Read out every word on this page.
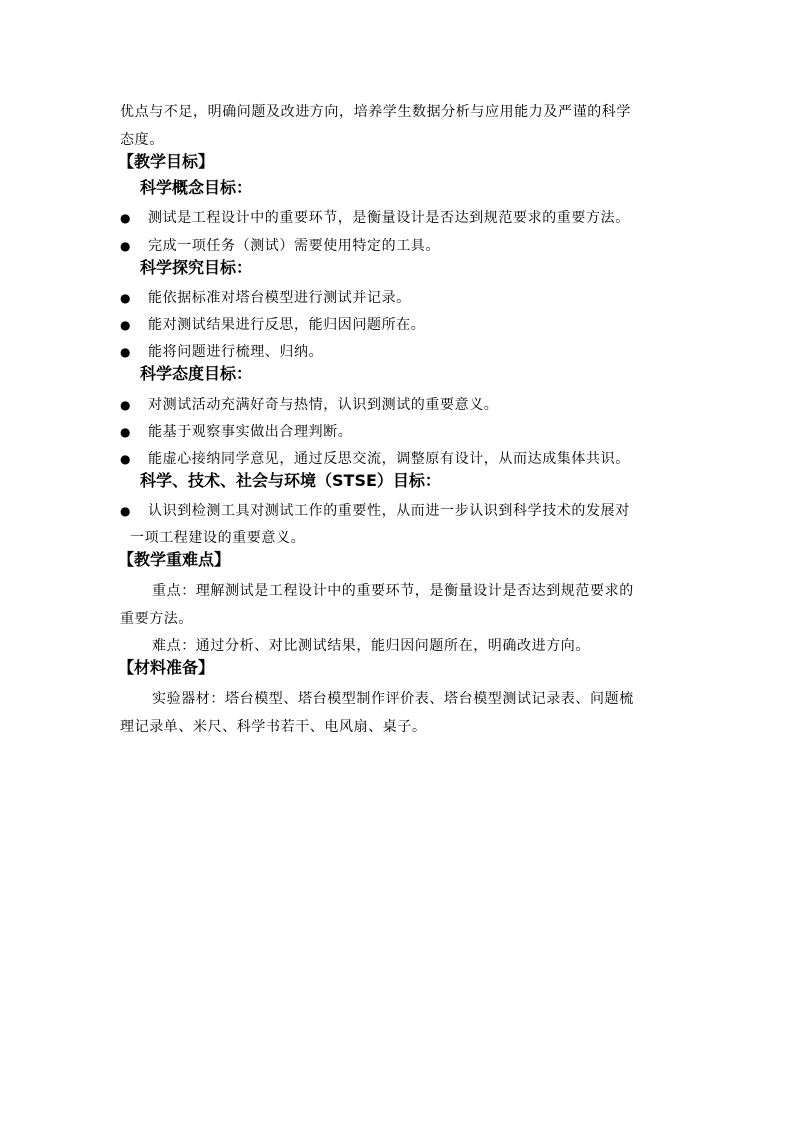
优点与不足，明确问题及改进方向，培养学生数据分析与应用能力及严谨的科学

态度。

【教学目标】
科学概念目标：
●	测试是工程设计中的重要环节，是衡量设计是否达到规范要求的重要方法。
●	完成一项任务（测试）需要使用特定的工具。
科学探究目标：
●	能依据标准对塔台模型进行测试并记录。
●	能对测试结果进行反思，能归因问题所在。
●	能将问题进行梳理、归纳。
科学态度目标：
●	对测试活动充满好奇与热情，认识到测试的重要意义。
●	能基于观察事实做出合理判断。
●	能虚心接纳同学意见，通过反思交流，调整原有设计，从而达成集体共识。
科学、技术、社会与环境（STSE）目标：
●	认识到检测工具对测试工作的重要性，从而进一步认识到科学技术的发展对

一项工程建设的重要意义。

【教学重难点】

重点：理解测试是工程设计中的重要环节，是衡量设计是否达到规范要求的

重要方法。

难点：通过分析、对比测试结果，能归因问题所在，明确改进方向。

【材料准备】

实验器材：塔台模型、塔台模型制作评价表、塔台模型测试记录表、问题梳

理记录单、米尺、科学书若干、电风扇、桌子。
